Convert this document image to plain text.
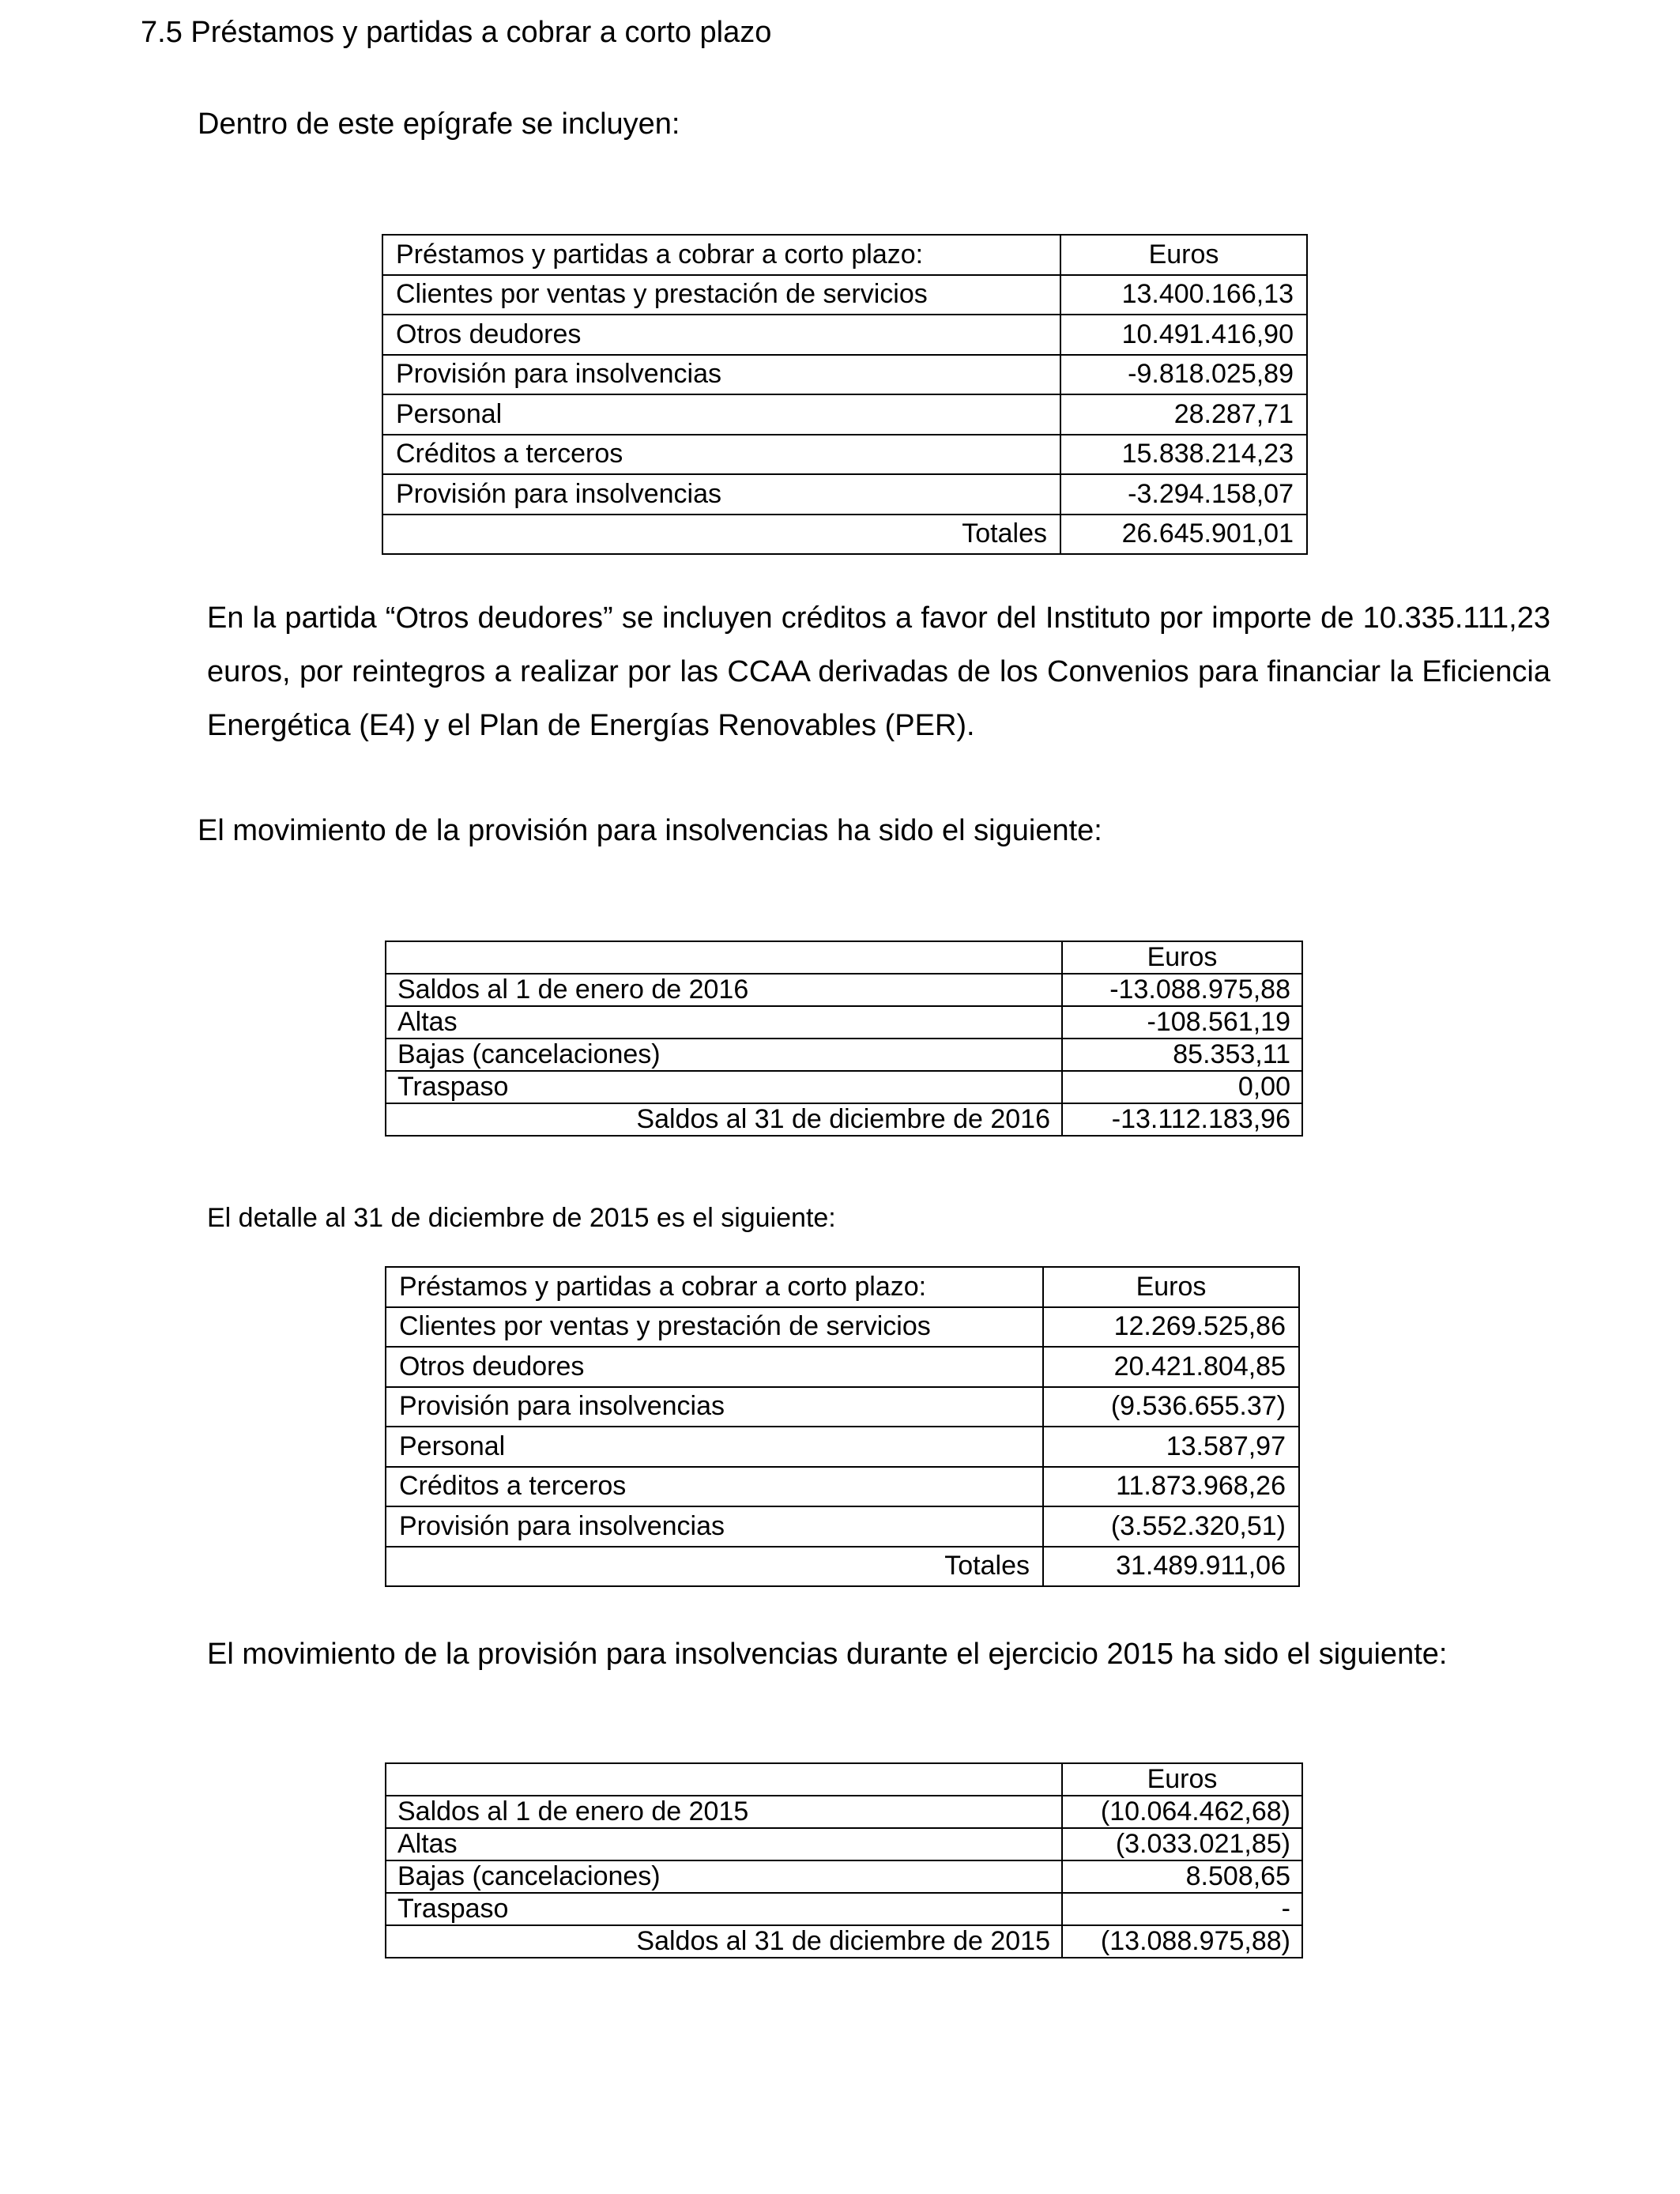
7.5 Préstamos y partidas a cobrar a corto plazo

Dentro de este epígrafe se incluyen:

Préstamos y partidas a cobrar a corto plazo:	Euros
Clientes por ventas y prestación de servicios	13.400.166,13
Otros deudores	10.491.416,90
Provisión para insolvencias	-9.818.025,89
Personal	28.287,71
Créditos a terceros	15.838.214,23
Provisión para insolvencias	-3.294.158,07
Totales	26.645.901,01

En la partida “Otros deudores” se incluyen créditos a favor del Instituto por importe de 10.335.111,23 euros, por reintegros a realizar por las CCAA derivadas de los Convenios para financiar la Eficiencia Energética (E4) y el Plan de Energías Renovables (PER).

El movimiento de la provisión para insolvencias ha sido el siguiente:

	Euros
Saldos al 1 de enero de 2016	-13.088.975,88
Altas	-108.561,19
Bajas (cancelaciones)	85.353,11
Traspaso	0,00
Saldos al 31 de diciembre de 2016	-13.112.183,96

El detalle al 31 de diciembre de 2015 es el siguiente:

Préstamos y partidas a cobrar a corto plazo:	Euros
Clientes por ventas y prestación de servicios	12.269.525,86
Otros deudores	20.421.804,85
Provisión para insolvencias	(9.536.655.37)
Personal	13.587,97
Créditos a terceros	11.873.968,26
Provisión para insolvencias	(3.552.320,51)
Totales	31.489.911,06

El movimiento de la provisión para insolvencias durante el ejercicio 2015 ha sido el siguiente:

	Euros
Saldos al 1 de enero de 2015	(10.064.462,68)
Altas	(3.033.021,85)
Bajas (cancelaciones)	8.508,65
Traspaso	-
Saldos al 31 de diciembre de 2015	(13.088.975,88)
